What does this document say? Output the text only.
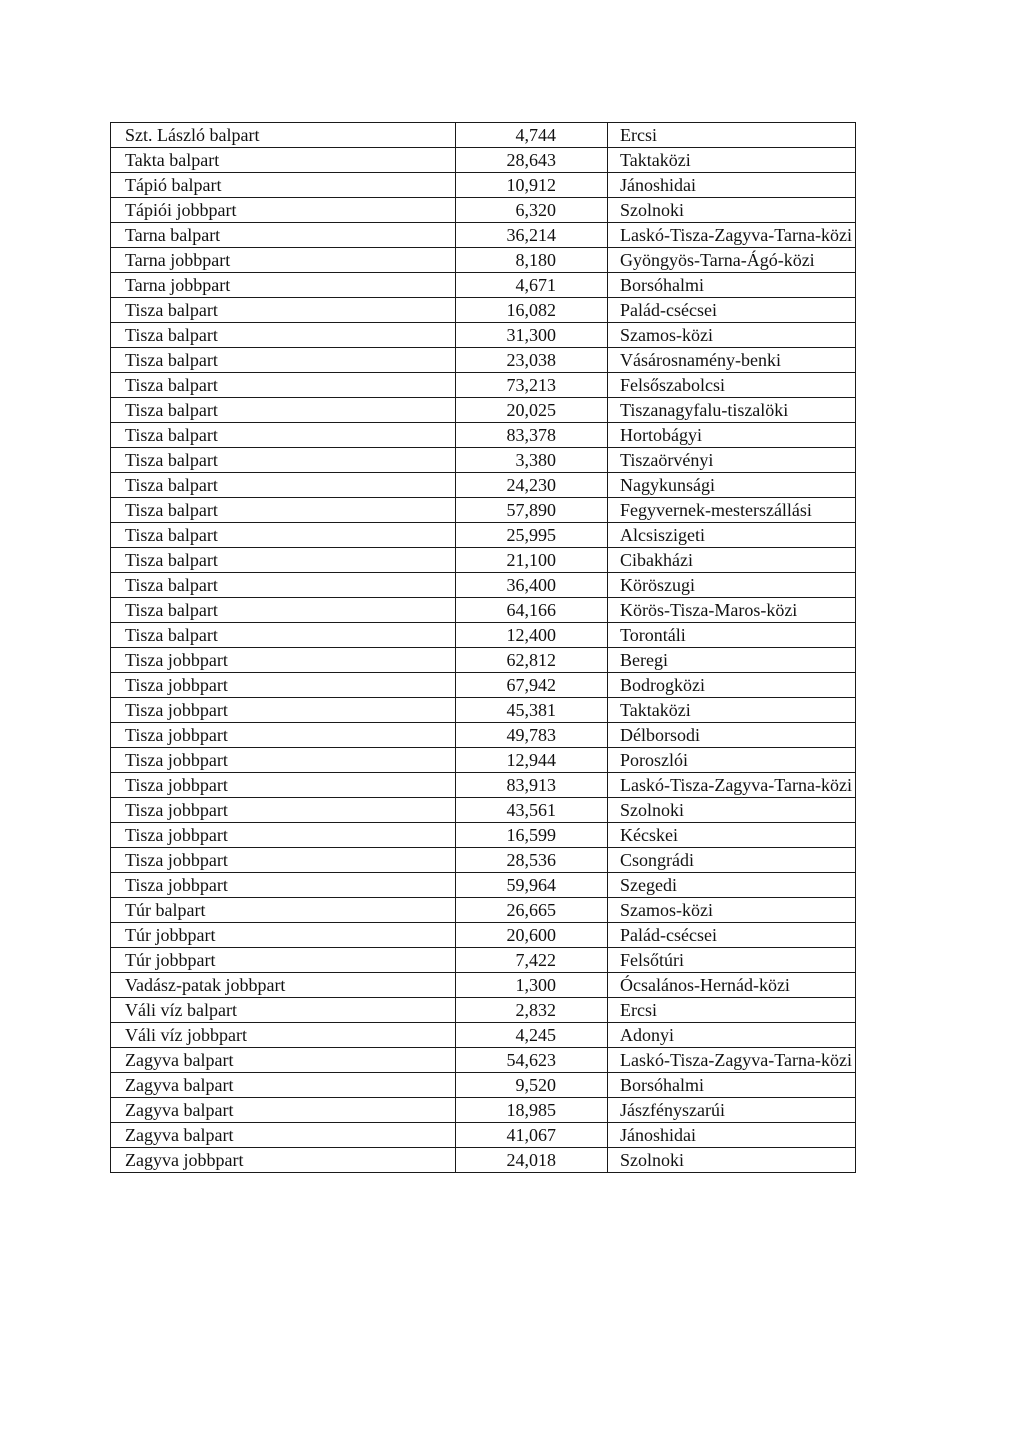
Szt. László balpart	4,744	Ercsi
Takta balpart	28,643	Taktaközi
Tápió balpart	10,912	Jánoshidai
Tápiói jobbpart	6,320	Szolnoki
Tarna balpart	36,214	Laskó-Tisza-Zagyva-Tarna-közi
Tarna jobbpart	8,180	Gyöngyös-Tarna-Ágó-közi
Tarna jobbpart	4,671	Borsóhalmi
Tisza balpart	16,082	Palád-csécsei
Tisza balpart	31,300	Szamos-közi
Tisza balpart	23,038	Vásárosnamény-benki
Tisza balpart	73,213	Felsőszabolcsi
Tisza balpart	20,025	Tiszanagyfalu-tiszalöki
Tisza balpart	83,378	Hortobágyi
Tisza balpart	3,380	Tiszaörvényi
Tisza balpart	24,230	Nagykunsági
Tisza balpart	57,890	Fegyvernek-mesterszállási
Tisza balpart	25,995	Alcsiszigeti
Tisza balpart	21,100	Cibakházi
Tisza balpart	36,400	Köröszugi
Tisza balpart	64,166	Körös-Tisza-Maros-közi
Tisza balpart	12,400	Torontáli
Tisza jobbpart	62,812	Beregi
Tisza jobbpart	67,942	Bodrogközi
Tisza jobbpart	45,381	Taktaközi
Tisza jobbpart	49,783	Délborsodi
Tisza jobbpart	12,944	Poroszlói
Tisza jobbpart	83,913	Laskó-Tisza-Zagyva-Tarna-közi
Tisza jobbpart	43,561	Szolnoki
Tisza jobbpart	16,599	Kécskei
Tisza jobbpart	28,536	Csongrádi
Tisza jobbpart	59,964	Szegedi
Túr balpart	26,665	Szamos-közi
Túr jobbpart	20,600	Palád-csécsei
Túr jobbpart	7,422	Felsőtúri
Vadász-patak jobbpart	1,300	Ócsalános-Hernád-közi
Váli víz balpart	2,832	Ercsi
Váli víz jobbpart	4,245	Adonyi
Zagyva balpart	54,623	Laskó-Tisza-Zagyva-Tarna-közi
Zagyva balpart	9,520	Borsóhalmi
Zagyva balpart	18,985	Jászfényszarúi
Zagyva balpart	41,067	Jánoshidai
Zagyva jobbpart	24,018	Szolnoki
